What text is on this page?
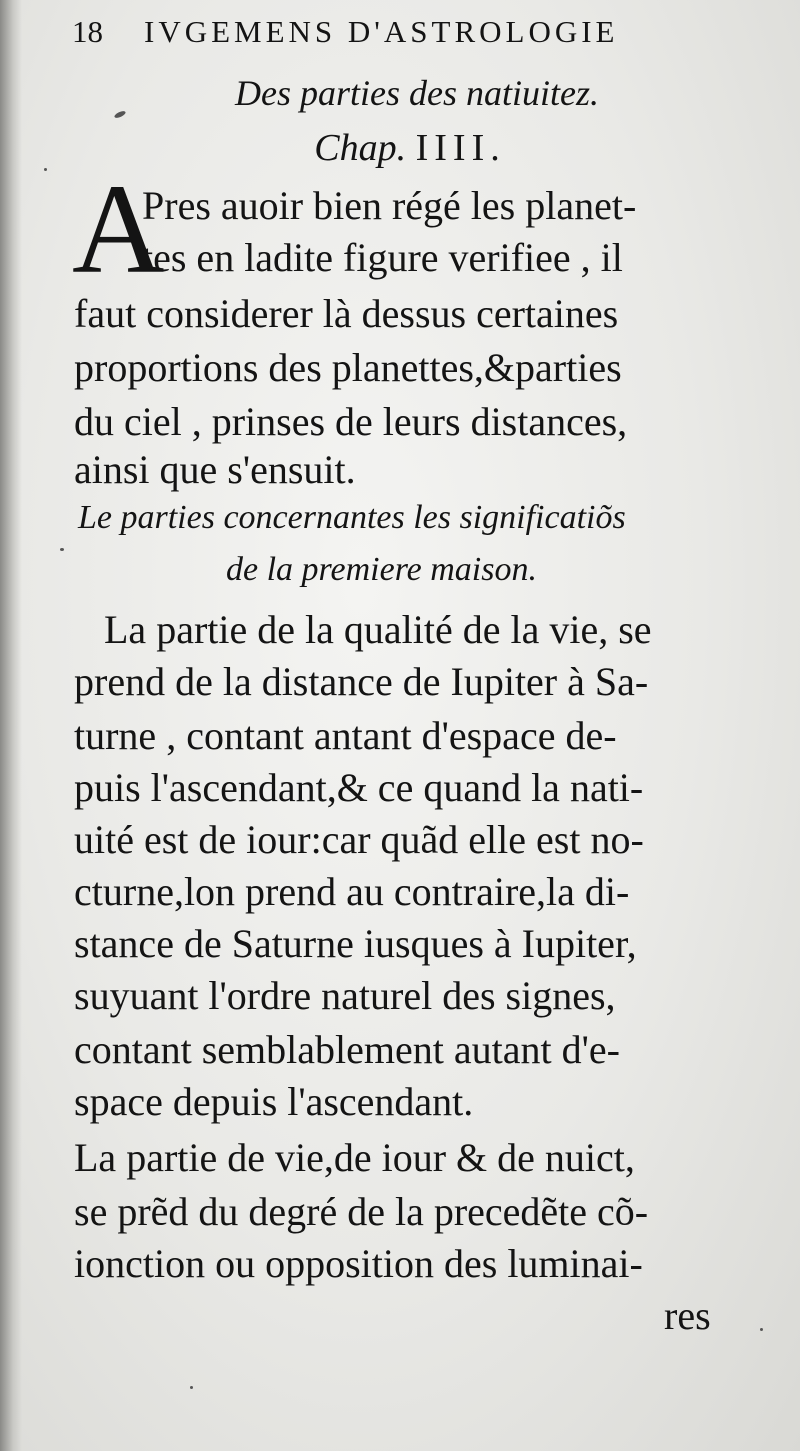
18 IVGEMENS D'ASTROLOGIE
Des parties des natiuitez.
Chap. IIII.
A
Pres auoir bien régé les planet-
tes en ladite figure verifiee , il
faut considerer là dessus certaines
proportions des planettes,&parties
du ciel , prinses de leurs distances,
ainsi que s'ensuit.
Le parties concernantes les significatiõs
de la premiere maison.
La partie de la qualité de la vie, se
prend de la distance de Iupiter à Sa-
turne , contant antant d'espace de-
puis l'ascendant,& ce quand la nati-
uité est de iour:car quãd elle est no-
cturne,lon prend au contraire,la di-
stance de Saturne iusques à Iupiter,
suyuant l'ordre naturel des signes,
contant semblablement autant d'e-
space depuis l'ascendant.
La partie de vie,de iour & de nuict,
se prẽd du degré de la precedẽte cõ-
ionction ou opposition des luminai-
res
